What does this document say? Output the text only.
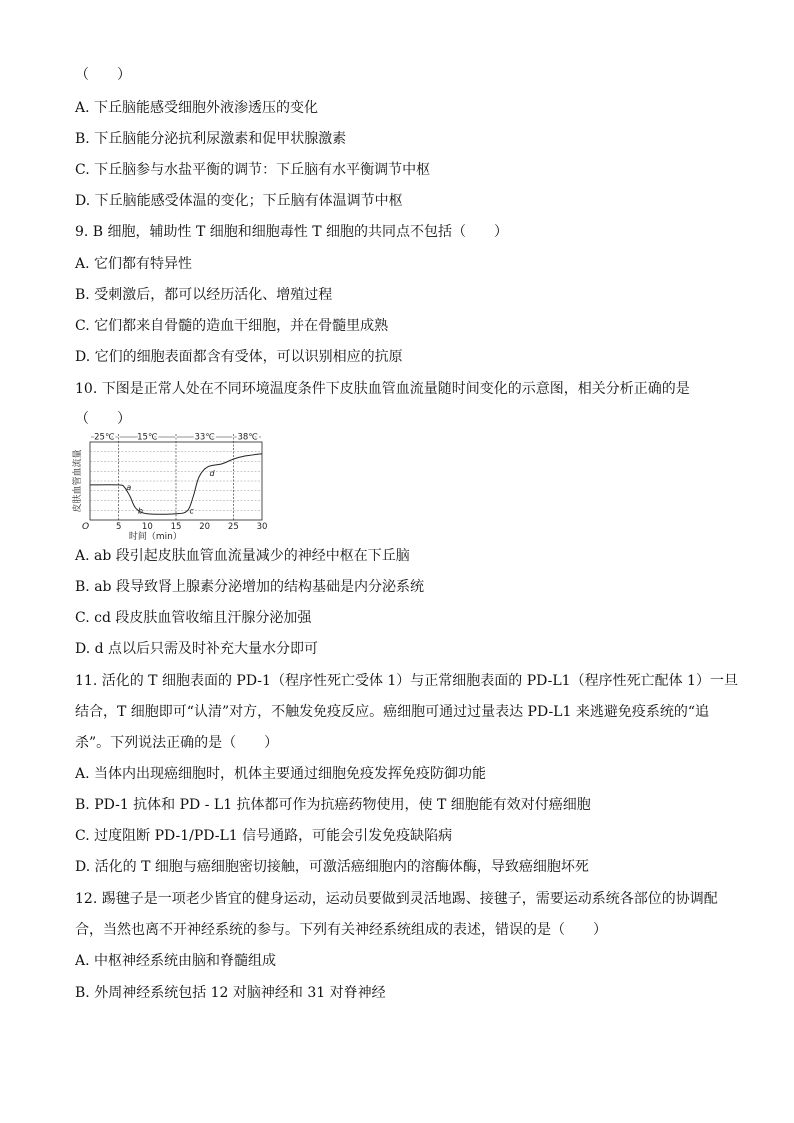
（　　）
A. 下丘脑能感受细胞外液渗透压的变化
B. 下丘脑能分泌抗利尿激素和促甲状腺激素
C. 下丘脑参与水盐平衡的调节：下丘脑有水平衡调节中枢
D. 下丘脑能感受体温的变化；下丘脑有体温调节中枢
9. B 细胞，辅助性 T 细胞和细胞毒性 T 细胞的共同点不包括（　　）
A. 它们都有特异性
B. 受刺激后，都可以经历活化、增殖过程
C. 它们都来自骨髓的造血干细胞，并在骨髓里成熟
D. 它们的细胞表面都含有受体，可以识别相应的抗原
10. 下图是正常人处在不同环境温度条件下皮肤血管血流量随时间变化的示意图，相关分析正确的是
（　　）
25℃	15℃	33℃	38℃
a
b	c
d
5 10 15 20 25 30
皮肤血管血流量
时间（min）
O
A. ab 段引起皮肤血管血流量减少的神经中枢在下丘脑
B. ab 段导致肾上腺素分泌增加的结构基础是内分泌系统
C. cd 段皮肤血管收缩且汗腺分泌加强
D. d 点以后只需及时补充大量水分即可
11. 活化的 T 细胞表面的 PD-1（程序性死亡受体 1）与正常细胞表面的 PD-L1（程序性死亡配体 1）一旦
结合，T 细胞即可“认清”对方，不触发免疫反应。癌细胞可通过过量表达 PD-L1 来逃避免疫系统的“追
杀”。下列说法正确的是（　　）
A. 当体内出现癌细胞时，机体主要通过细胞免疫发挥免疫防御功能
B. PD-1 抗体和 PD - L1 抗体都可作为抗癌药物使用，使 T 细胞能有效对付癌细胞
C. 过度阻断 PD-1/PD-L1 信号通路，可能会引发免疫缺陷病
D. 活化的 T 细胞与癌细胞密切接触，可激活癌细胞内的溶酶体酶，导致癌细胞坏死
12. 踢毽子是一项老少皆宜的健身运动，运动员要做到灵活地踢、接毽子，需要运动系统各部位的协调配
合，当然也离不开神经系统的参与。下列有关神经系统组成的表述，错误的是（　　）
A. 中枢神经系统由脑和脊髓组成
B. 外周神经系统包括 12 对脑神经和 31 对脊神经
